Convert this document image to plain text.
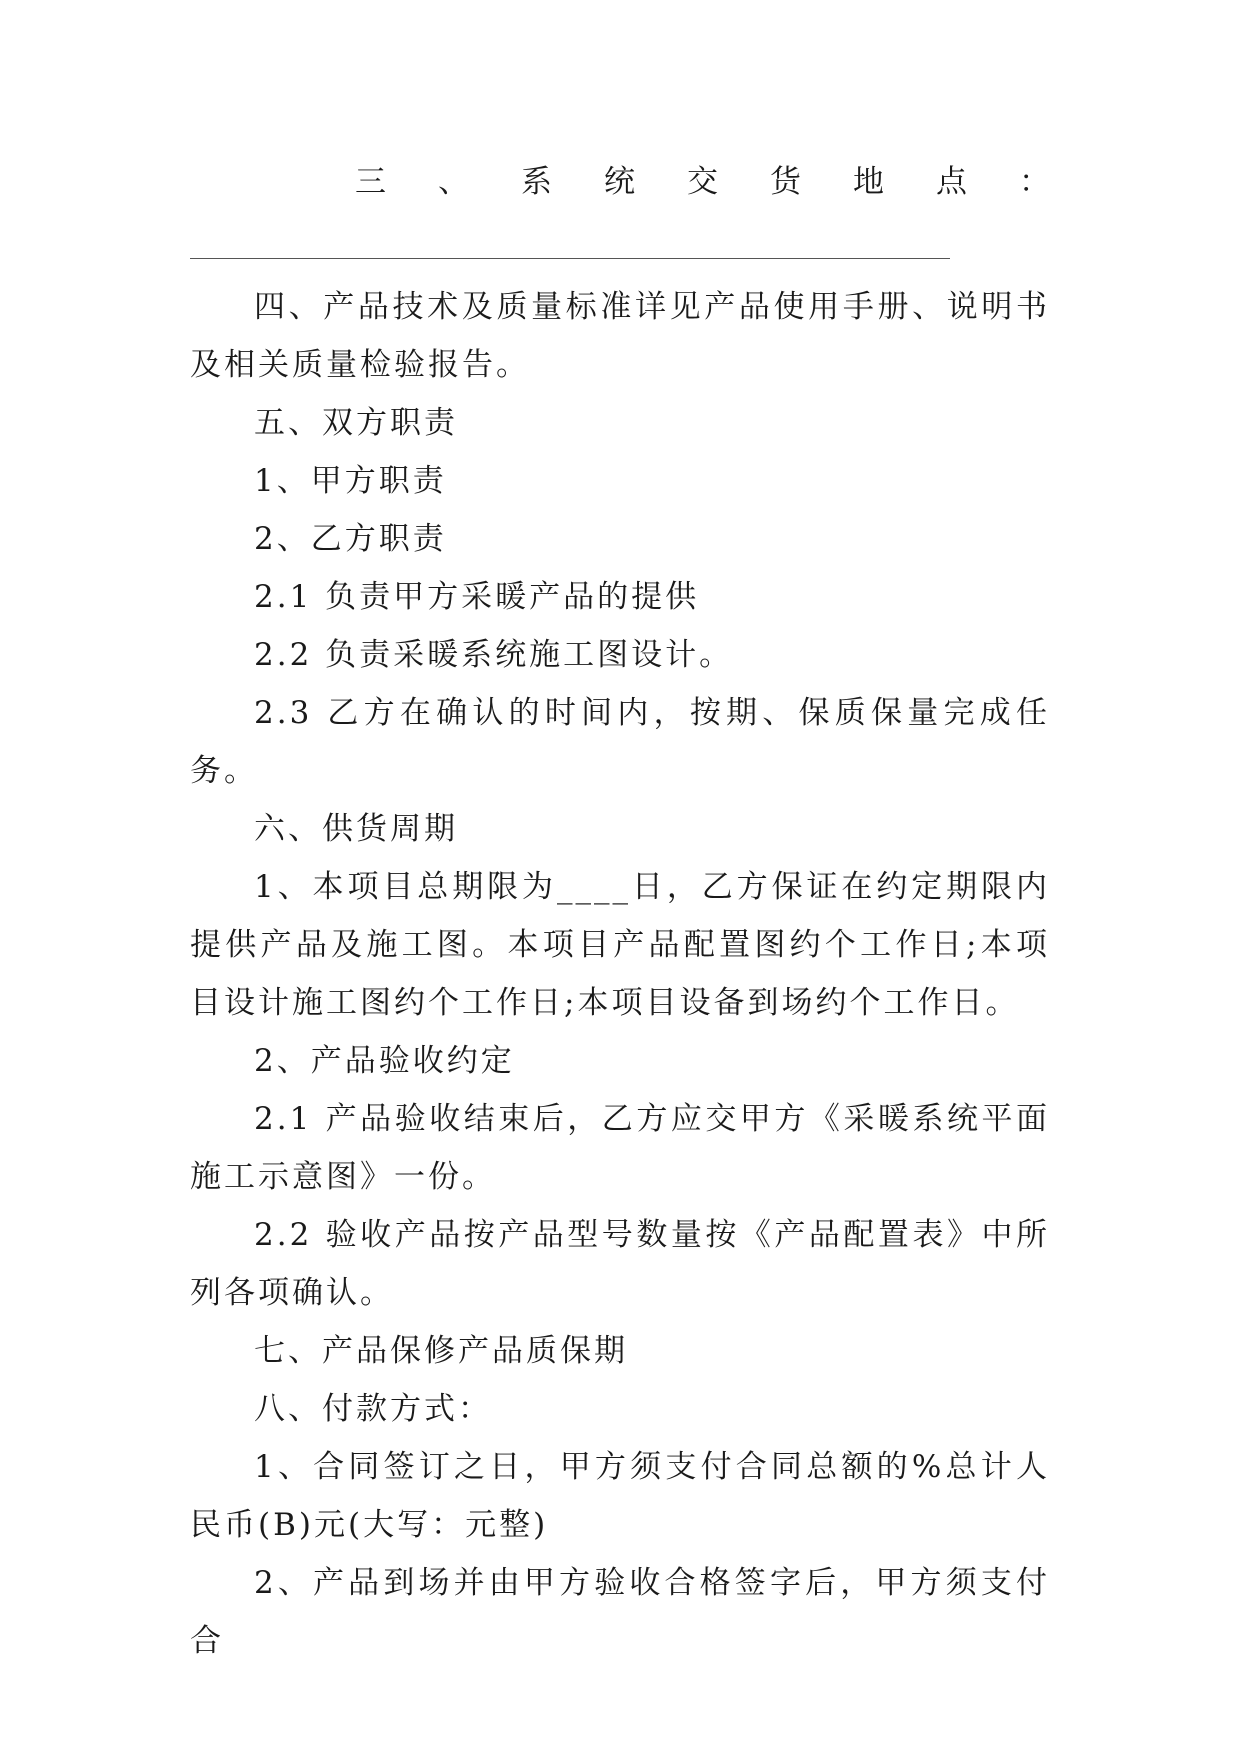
三 、 系 统 交 货 地 点 ：

四、产品技术及质量标准详见产品使用手册、说明书及相关质量检验报告。

五、双方职责

1、甲方职责

2、乙方职责

2.1 负责甲方采暖产品的提供

2.2 负责采暖系统施工图设计。

2.3 乙方在确认的时间内，按期、保质保量完成任务。

六、供货周期

1、本项目总期限为____日，乙方保证在约定期限内提供产品及施工图。本项目产品配置图约个工作日;本项目设计施工图约个工作日;本项目设备到场约个工作日。

2、产品验收约定

2.1 产品验收结束后，乙方应交甲方《采暖系统平面施工示意图》一份。

2.2 验收产品按产品型号数量按《产品配置表》中所列各项确认。

七、产品保修产品质保期

八、付款方式：

1、合同签订之日，甲方须支付合同总额的%总计人民币(B)元(大写：元整)

2、产品到场并由甲方验收合格签字后，甲方须支付合
